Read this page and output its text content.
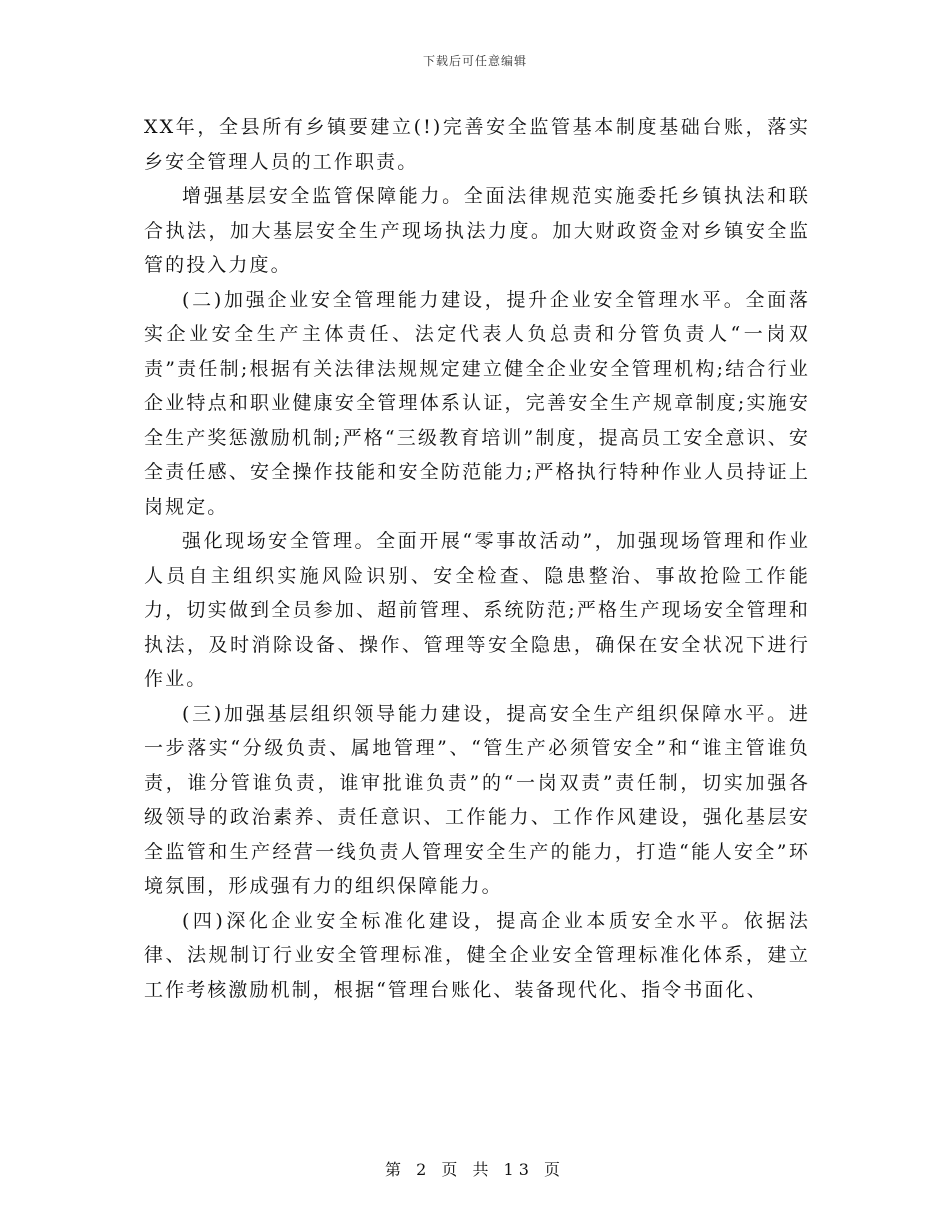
下载后可任意编辑

XX年，全县所有乡镇要建立(!)完善安全监管基本制度基础台账，落实乡安全管理人员的工作职责。

增强基层安全监管保障能力。全面法律规范实施委托乡镇执法和联合执法，加大基层安全生产现场执法力度。加大财政资金对乡镇安全监管的投入力度。

(二)加强企业安全管理能力建设，提升企业安全管理水平。全面落实企业安全生产主体责任、法定代表人负总责和分管负责人“一岗双责”责任制;根据有关法律法规规定建立健全企业安全管理机构;结合行业企业特点和职业健康安全管理体系认证，完善安全生产规章制度;实施安全生产奖惩激励机制;严格“三级教育培训”制度，提高员工安全意识、安全责任感、安全操作技能和安全防范能力;严格执行特种作业人员持证上岗规定。

强化现场安全管理。全面开展“零事故活动”，加强现场管理和作业人员自主组织实施风险识别、安全检查、隐患整治、事故抢险工作能力，切实做到全员参加、超前管理、系统防范;严格生产现场安全管理和执法，及时消除设备、操作、管理等安全隐患，确保在安全状况下进行作业。

(三)加强基层组织领导能力建设，提高安全生产组织保障水平。进一步落实“分级负责、属地管理”、“管生产必须管安全”和“谁主管谁负责，谁分管谁负责，谁审批谁负责”的“一岗双责”责任制，切实加强各级领导的政治素养、责任意识、工作能力、工作作风建设，强化基层安全监管和生产经营一线负责人管理安全生产的能力，打造“能人安全”环境氛围，形成强有力的组织保障能力。

(四)深化企业安全标准化建设，提高企业本质安全水平。依据法律、法规制订行业安全管理标准，健全企业安全管理标准化体系，建立工作考核激励机制，根据“管理台账化、装备现代化、指令书面化、

第 2 页 共 13 页
